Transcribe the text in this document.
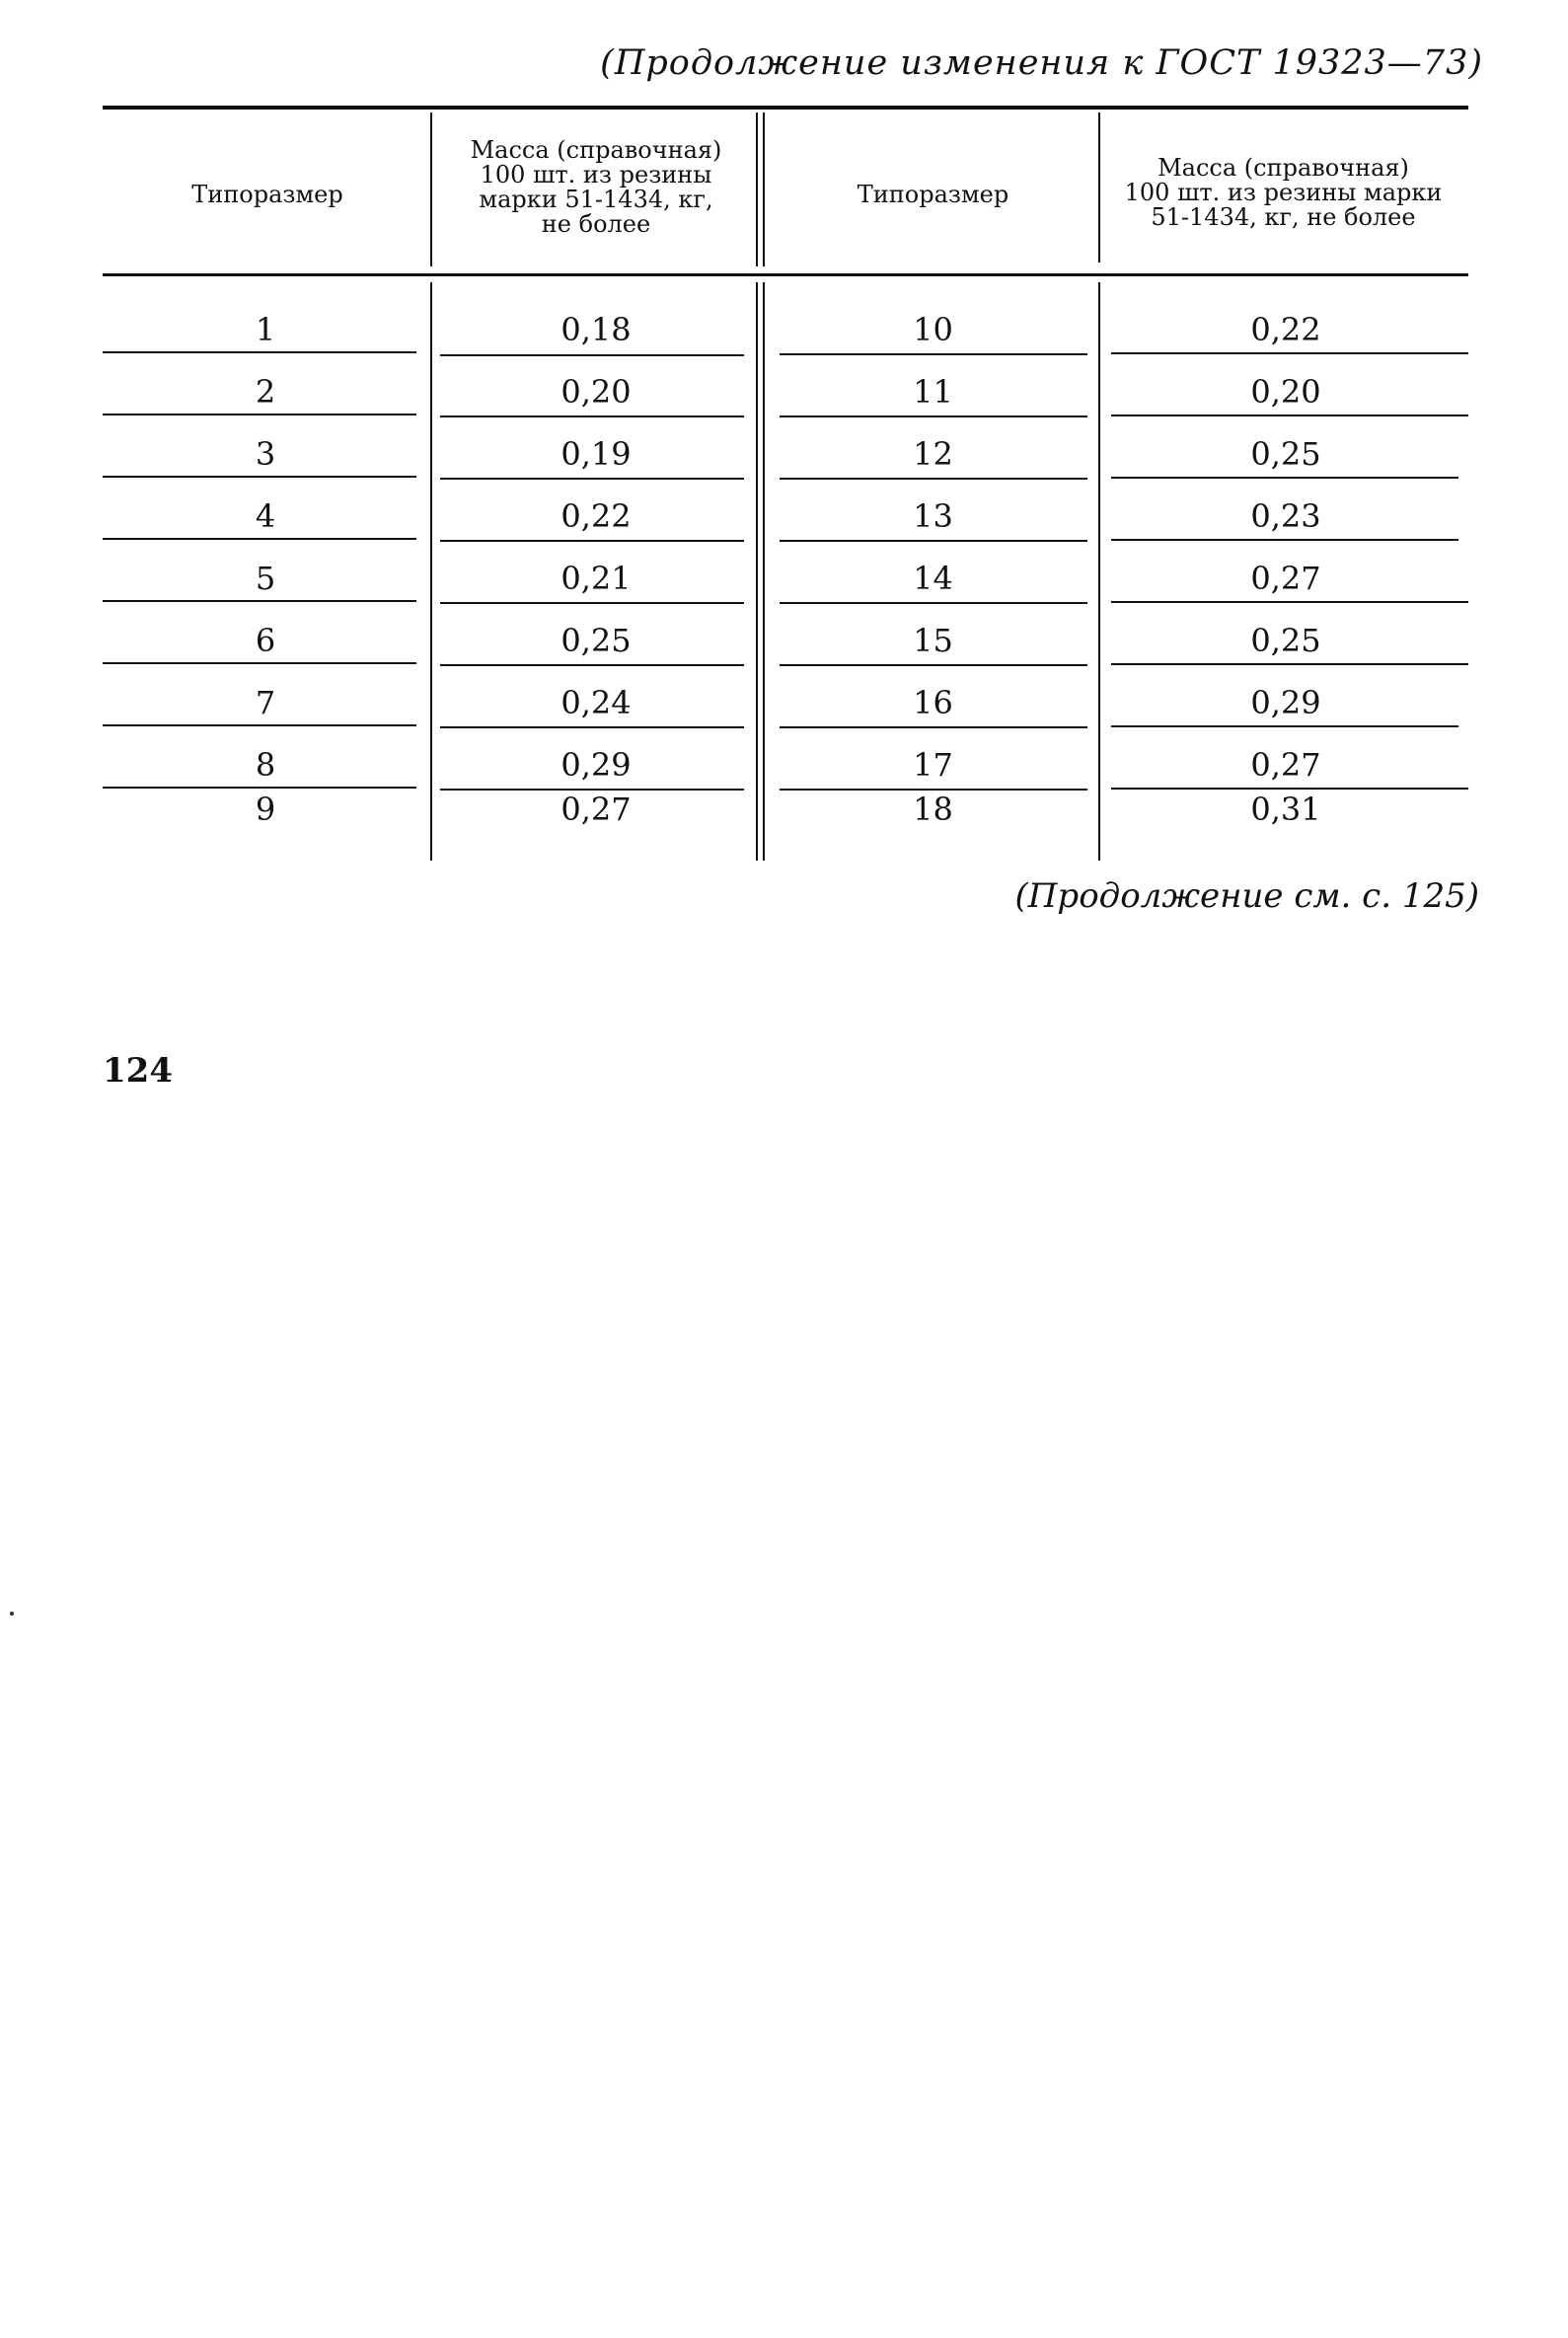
(Продолжение изменения к ГОСТ 19323—73)
Типоразмер
Масса (справочная)
100 шт. из резины
марки 51-1434, кг,
не более
Типоразмер
Масса (справочная)
100 шт. из резины марки
51-1434, кг, не более
1	0,18	10	0,22
2	0,20	11	0,20
3	0,19	12	0,25
4	0,22	13	0,23
5	0,21	14	0,27
6	0,25	15	0,25
7	0,24	16	0,29
8	0,29	17	0,27
9	0,27	18	0,31
(Продолжение см. с. 125)
124
